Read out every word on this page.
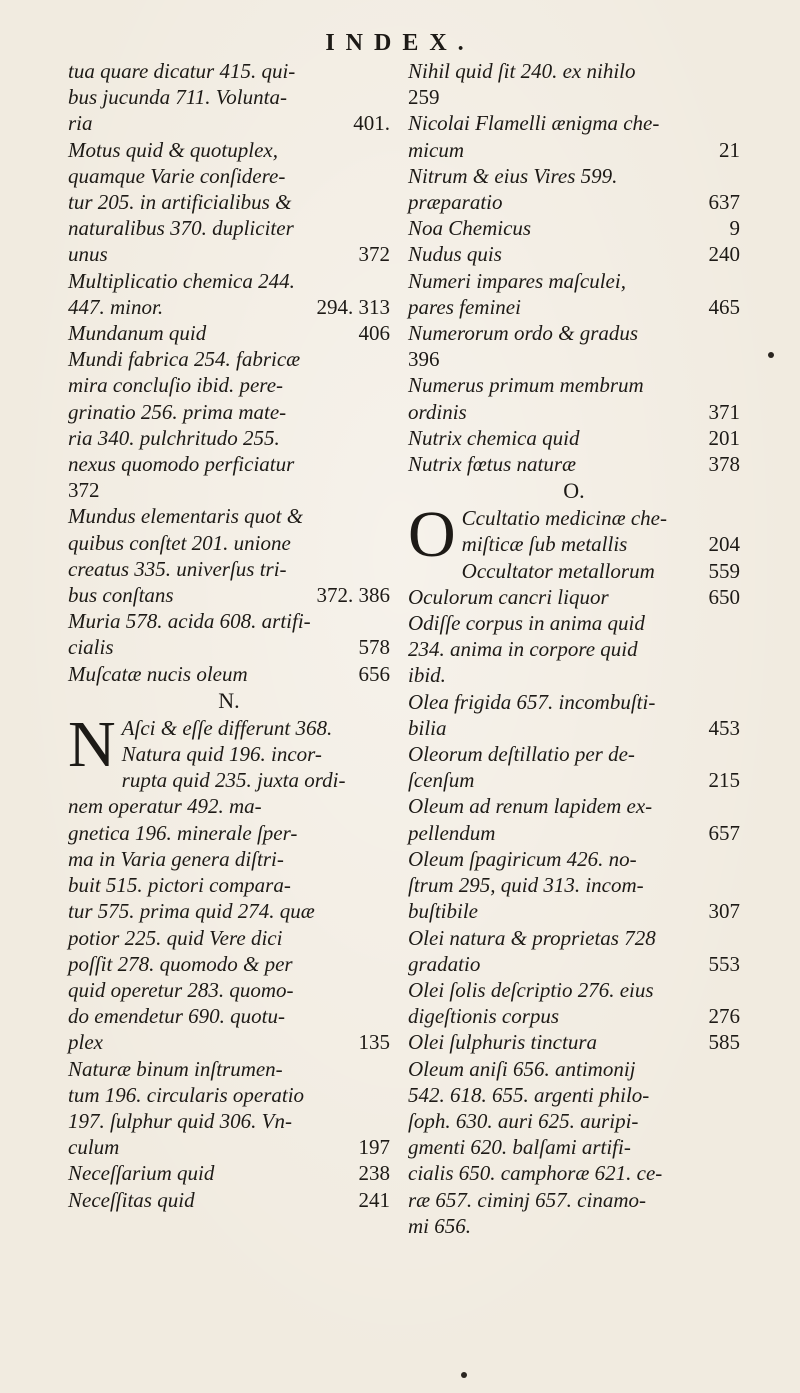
INDEX.
tua quare dicatur 415. qui-
bus jucunda 711. Volunta-
ria	401.
Motus quid & quotuplex,
quamque Varie conſidere-
tur 205. in artificialibus &
naturalibus 370. dupliciter
unus	372
Multiplicatio chemica 244.
447. minor.	294. 313
Mundanum quid	406
Mundi fabrica 254. fabricæ
mira concluſio ibid. pere-
grinatio 256. prima mate-
ria 340. pulchritudo 255.
nexus quomodo perficiatur
372
Mundus elementaris quot &
quibus conſtet 201. unione
creatus 335. univerſus tri-
bus conſtans	372. 386
Muria 578. acida 608. artifi-
cialis	578
Muſcatæ nucis oleum	656
N.
N Aſci & eſſe differunt 368.
Natura quid 196. incor-
rupta quid 235. juxta ordi-
nem operatur 492. ma-
gnetica 196. minerale ſper-
ma in Varia genera diſtri-
buit 515. pictori compara-
tur 575. prima quid 274. quæ
potior 225. quid Vere dici
poſſit 278. quomodo & per
quid operetur 283. quomo-
do emendetur 690. quotu-
plex	135
Naturæ binum inſtrumen-
tum 196. circularis operatio
197. ſulphur quid 306. Vn-
culum	197
Neceſſarium quid	238
Neceſſitas quid	241
Nihil quid ſit 240. ex nihilo
259
Nicolai Flamelli ænigma che-
micum	21
Nitrum & eius Vires 599.
præparatio	637
Noa Chemicus	9
Nudus quis	240
Numeri impares maſculei,
pares feminei	465
Numerorum ordo & gradus
396
Numerus primum membrum
ordinis	371
Nutrix chemica quid	201
Nutrix fœtus naturæ	378
O.
O Ccultatio medicinæ che-
miſticæ ſub metallis	204
Occultator metallorum	559
Oculorum cancri liquor	650
Odiſſe corpus in anima quid
234. anima in corpore quid
ibid.
Olea frigida 657. incombuſti-
bilia	453
Oleorum deſtillatio per de-
ſcenſum	215
Oleum ad renum lapidem ex-
pellendum	657
Oleum ſpagiricum 426. no-
ſtrum 295, quid 313. incom-
buſtibile	307
Olei natura & proprietas 728
gradatio	553
Olei ſolis deſcriptio 276. eius
digeſtionis corpus	276
Olei ſulphuris tinctura	585
Oleum aniſi 656. antimonij
542. 618. 655. argenti philo-
ſoph. 630. auri 625. auripi-
gmenti 620. balſami artifi-
cialis 650. camphoræ 621. ce-
ræ 657. ciminj 657. cinamo-
mi 656.
